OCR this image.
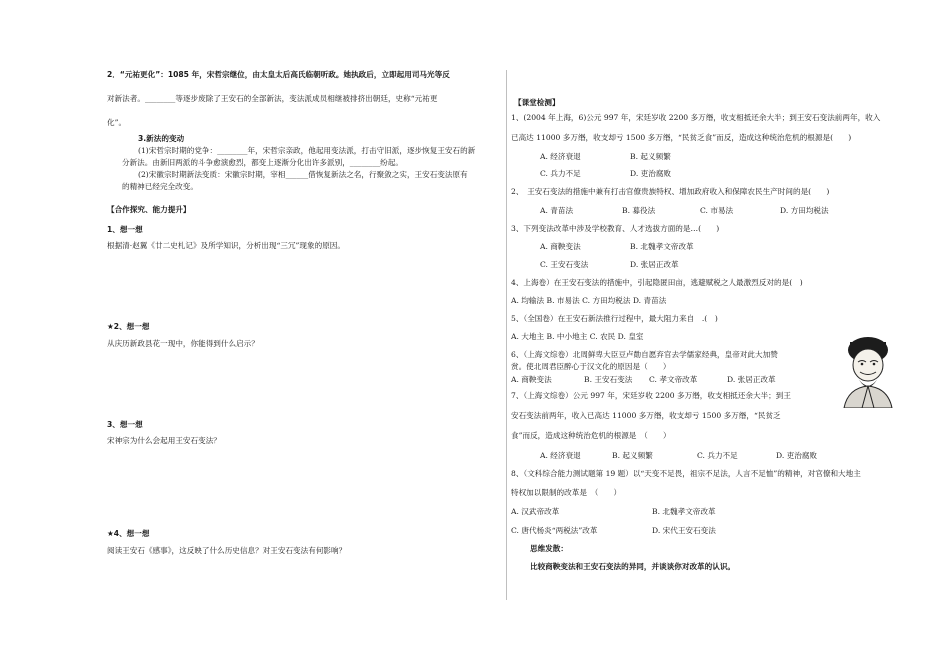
2．“元祐更化”：1085 年，宋哲宗继位，由太皇太后高氏临朝听政。她执政后，立即起用司马光等反
对新法者。________等逐步废除了王安石的全部新法，变法派成员相继被排挤出朝廷，史称“元祐更
化”。
3.新法的变动
(1)宋哲宗时期的党争：________年，宋哲宗亲政，他起用变法派，打击守旧派，逐步恢复王安石的新
分新法。由新旧两派的斗争愈演愈烈，都变上逐渐分化出许多派别，________纷起。
(2)宋徽宗时期新法变质：宋徽宗时期，宰相______借恢复新法之名，行聚敛之实，王安石变法原有
的精神已经完全改变。
【合作探究、能力提升】
1、想一想
根据清·赵翼《廿二史札记》及所学知识，分析出现“三冗”现象的原因。
★2、想一想
从庆历新政县花一现中，你能得到什么启示？
3、想一想
宋神宗为什么会起用王安石变法？
★4、想一想
阅读王安石《感事》，这反映了什么历史信息？对王安石变法有何影响？
【课堂检测】
1、(2004 年上海，6)公元 997 年，宋廷岁收 2200 多万缗，收支相抵还余大半；到王安石变法前两年，收入
已高达 11000 多万缗，收支却亏 1500 多万缗，“民贫乏食”而反，造成这种统治危机的根源是(　　)
A. 经济衰退	B. 起义频繁
C. 兵力不足	D. 吏治腐败
2、　王安石变法的措施中兼有打击官僚贵族特权、增加政府收入和保障农民生产时间的是(　　)
A. 青苗法	B. 募役法	C. 市易法	D. 方田均税法
3、下列变法改革中涉及学校教育、人才选拔方面的是…(　　)
A. 商鞅变法	B. 北魏孝文帝改革
C. 王安石变法	D. 张居正改革
4、上海卷）在王安石变法的措施中，引起隐匿田亩，逃避赋税之人最激烈反对的是(　)
A. 均输法 B. 市易法 C. 方田均税法 D. 青苗法
5、（全国卷）在王安石新法推行过程中，最大阻力来自　.(　)
A. 大地主 B. 中小地主 C. 农民 D. 皇室
6、（上海文综卷）北周鲜卑大臣豆卢勣自愿弃官去学儒家经典，皇帝对此大加赞
赏。使北周君臣醉心于汉文化的原因是（　　）
A. 商鞅变法	B. 王安石变法 C. 孝文帝改革	D. 张居正改革
7、（上海文综卷）公元 997 年，宋廷岁收 2200 多万缗，收支相抵还余大半；到王
安石变法前两年，收入已高达 11000 多万缗，收支却亏 1500 多万缗，“民贫乏
食”而反，造成这种统治危机的根源是　（　　）
A. 经济衰退	B. 起义频繁	C. 兵力不足	D. 吏治腐败
8、（文科综合能力测试题第 19 题）以“天变不足畏，祖宗不足法，人言不足恤”的精神，对官僚和大地主
特权加以限制的改革是　（　　）
A. 汉武帝改革	B. 北魏孝文帝改革
C. 唐代杨炎“两税法”改革	D. 宋代王安石变法
思维发散：
比较商鞅变法和王安石变法的异同，并谈谈你对改革的认识。
